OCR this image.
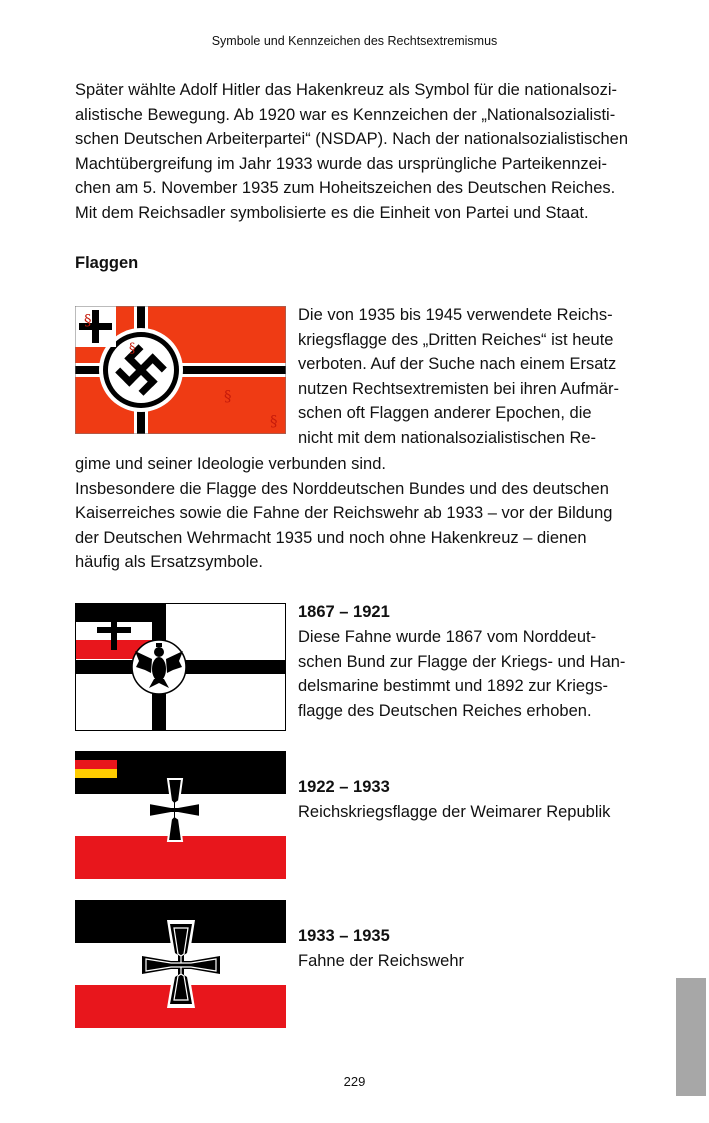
Symbole und Kennzeichen des Rechtsextremismus
Später wählte Adolf Hitler das Hakenkreuz als Symbol für die nationalsozi-
alistische Bewegung. Ab 1920 war es Kennzeichen der „Nationalsozialisti-
schen Deutschen Arbeiterpartei“ (NSDAP). Nach der nationalsozialistischen
Machtübergreifung im Jahr 1933 wurde das ursprüngliche Parteikennzei-
chen am 5. November 1935 zum Hoheitszeichen des Deutschen Reiches.
Mit dem Reichsadler symbolisierte es die Einheit von Partei und Staat.
Flaggen
§
§
§
§
Die von 1935 bis 1945 verwendete Reichs-
kriegsflagge des „Dritten Reiches“ ist heute
verboten. Auf der Suche nach einem Ersatz
nutzen Rechtsextremisten bei ihren Aufmär-
schen oft Flaggen anderer Epochen, die
nicht mit dem nationalsozialistischen Re-
gime und seiner Ideologie verbunden sind.
Insbesondere die Flagge des Norddeutschen Bundes und des deutschen
Kaiserreiches sowie die Fahne der Reichswehr ab 1933 – vor der Bildung
der Deutschen Wehrmacht 1935 und noch ohne Hakenkreuz – dienen
häufig als Ersatzsymbole.
1867 – 1921
Diese Fahne wurde 1867 vom Norddeut-
schen Bund zur Flagge der Kriegs- und Han-
delsmarine bestimmt und 1892 zur Kriegs-
flagge des Deutschen Reiches erhoben.
1922 – 1933
Reichskriegsflagge der Weimarer Republik
1933 – 1935
Fahne der Reichswehr
229
